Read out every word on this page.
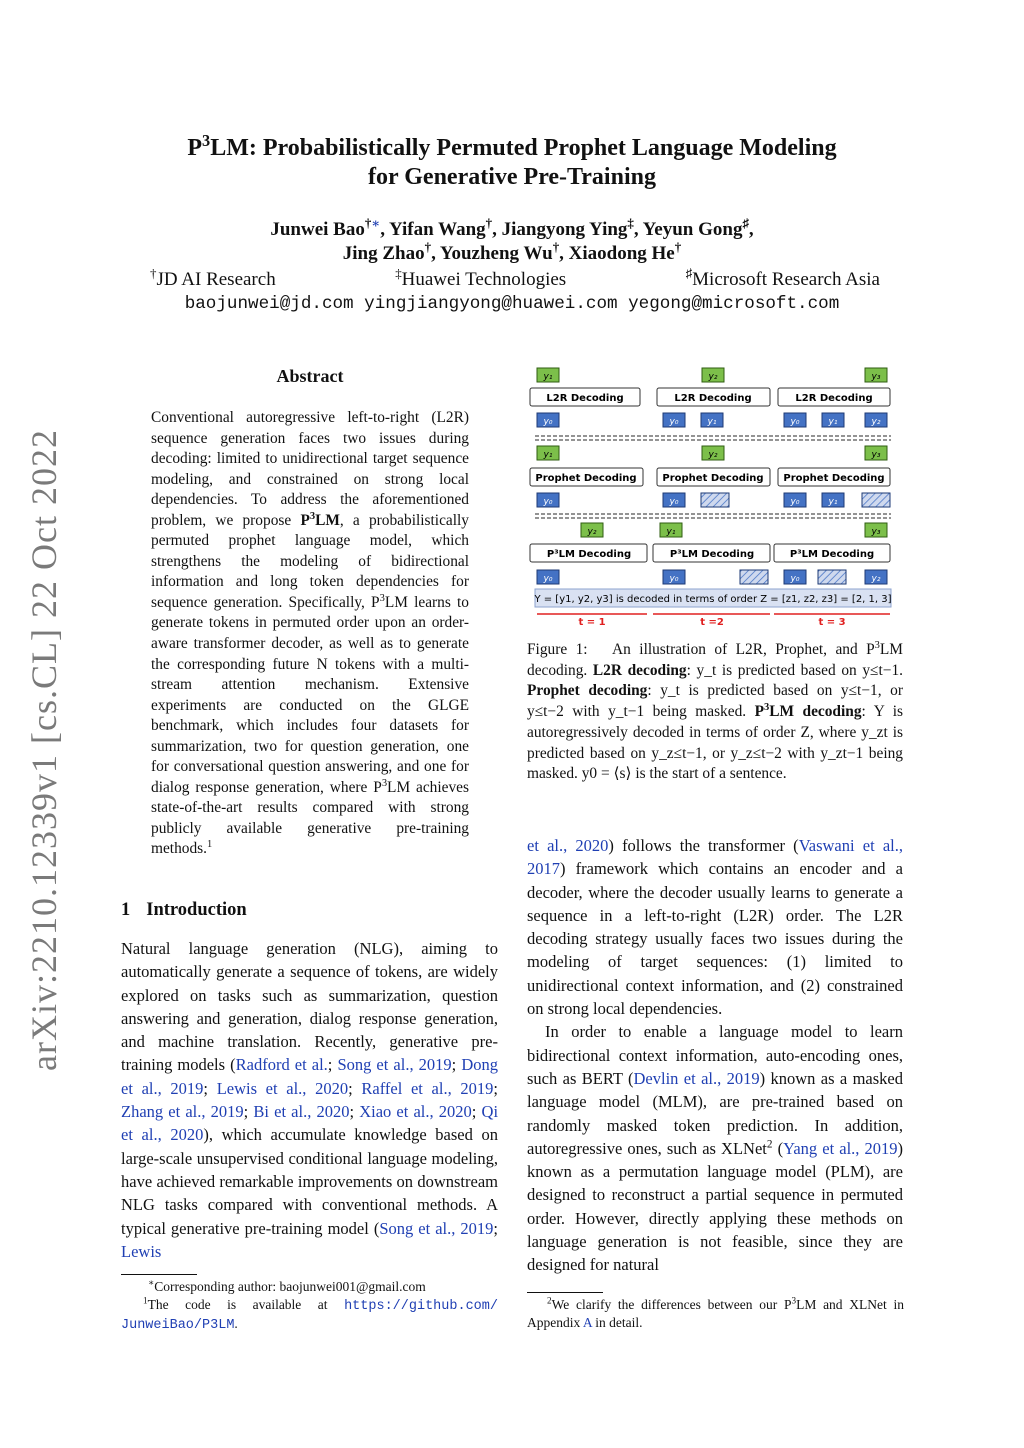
arXiv:2210.12339v1 [cs.CL] 22 Oct 2022
$P^3LM$: Probabilistically Permuted Prophet Language Modeling
for Generative Pre-Training
Junwei Bao†∗, Yifan Wang†, Jiangyong Ying‡, Yeyun Gong♯,
Jing Zhao†, Youzheng Wu†, Xiaodong He†
†JD AI Research	‡Huawei Technologies	♯Microsoft Research Asia
baojunwei@jd.com yingjiangyong@huawei.com yegong@microsoft.com
Abstract
Conventional autoregressive left-to-right (L2R) sequence generation faces two issues during decoding: limited to unidirectional target sequence modeling, and constrained on strong local dependencies. To address the aforementioned problem, we propose $P^3LM$, a probabilistically permuted prophet language model, which strengthens the modeling of bidirectional information and long token dependencies for sequence generation. Specifically, $P^3LM$ learns to generate tokens in permuted order upon an order-aware transformer decoder, as well as to generate the corresponding future N tokens with a multi-stream attention mechanism. Extensive experiments are conducted on the GLGE benchmark, which includes four datasets for summarization, two for question generation, one for conversational question answering, and one for dialog response generation, where $P^3LM$ achieves state-of-the-art results compared with strong publicly available generative pre-training methods.$^1$
1 Introduction

Natural language generation (NLG), aiming to automatically generate a sequence of tokens, are widely explored on tasks such as summarization, question answering and generation, dialog response generation, and machine translation. Recently, generative pre-training models (Radford et al.; Song et al., 2019; Dong et al., 2019; Lewis et al., 2020; Raffel et al., 2019; Zhang et al., 2019; Bi et al., 2020; Xiao et al., 2020; Qi et al., 2020), which accumulate knowledge based on large-scale unsupervised conditional language modeling, have achieved remarkable improvements on downstream NLG tasks compared with conventional methods. A typical generative pre-training model (Song et al., 2019; Lewis

∗Corresponding author: baojunwei001@gmail.com
$^1$The code is available at https://github.com/ JunweiBao/P3LM.
y₁
L2R Decoding
y₀
y₂
L2R Decoding
y₀	y₁
y₃
L2R Decoding
y₀	y₁	y₂
y₁
Prophet Decoding
y₀
y₂
Prophet Decoding
y₀
y₃
Prophet Decoding
y₀	y₁
y₂
P³LM Decoding
y₀
y₁
P³LM Decoding
y₀
y₃
P³LM Decoding
y₀	y₂
Y = [y1, y2, y3] is decoded in terms of order Z = [z1, z2, z3] = [2, 1, 3]
t = 1	t =2	t = 3
Figure 1: An illustration of L2R, Prophet, and $P^3LM$ decoding. L2R decoding: y_t is predicted based on y≤t−1. Prophet decoding: y_t is predicted based on y≤t−1, or y≤t−2 with y_t−1 being masked. $P^3LM$ decoding: Y is autoregressively decoded in terms of order Z, where y_zt is predicted based on y_z≤t−1, or y_z≤t−2 with y_zt−1 being masked. y0 = ⟨s⟩ is the start of a sentence.

et al., 2020) follows the transformer (Vaswani et al., 2017) framework which contains an encoder and a decoder, where the decoder usually learns to generate a sequence in a left-to-right (L2R) order. The L2R decoding strategy usually faces two issues during the modeling of target sequences: (1) limited to unidirectional context information, and (2) constrained on strong local dependencies.

In order to enable a language model to learn bidirectional context information, auto-encoding ones, such as BERT (Devlin et al., 2019) known as a masked language model (MLM), are pre-trained based on randomly masked token prediction. In addition, autoregressive ones, such as XLNet$^2$ (Yang et al., 2019) known as a permutation language model (PLM), are designed to reconstruct a partial sequence in permuted order. However, directly applying these methods on language generation is not feasible, since they are designed for natural

$^2$We clarify the differences between our $P^3LM$ and XLNet in Appendix A in detail.
